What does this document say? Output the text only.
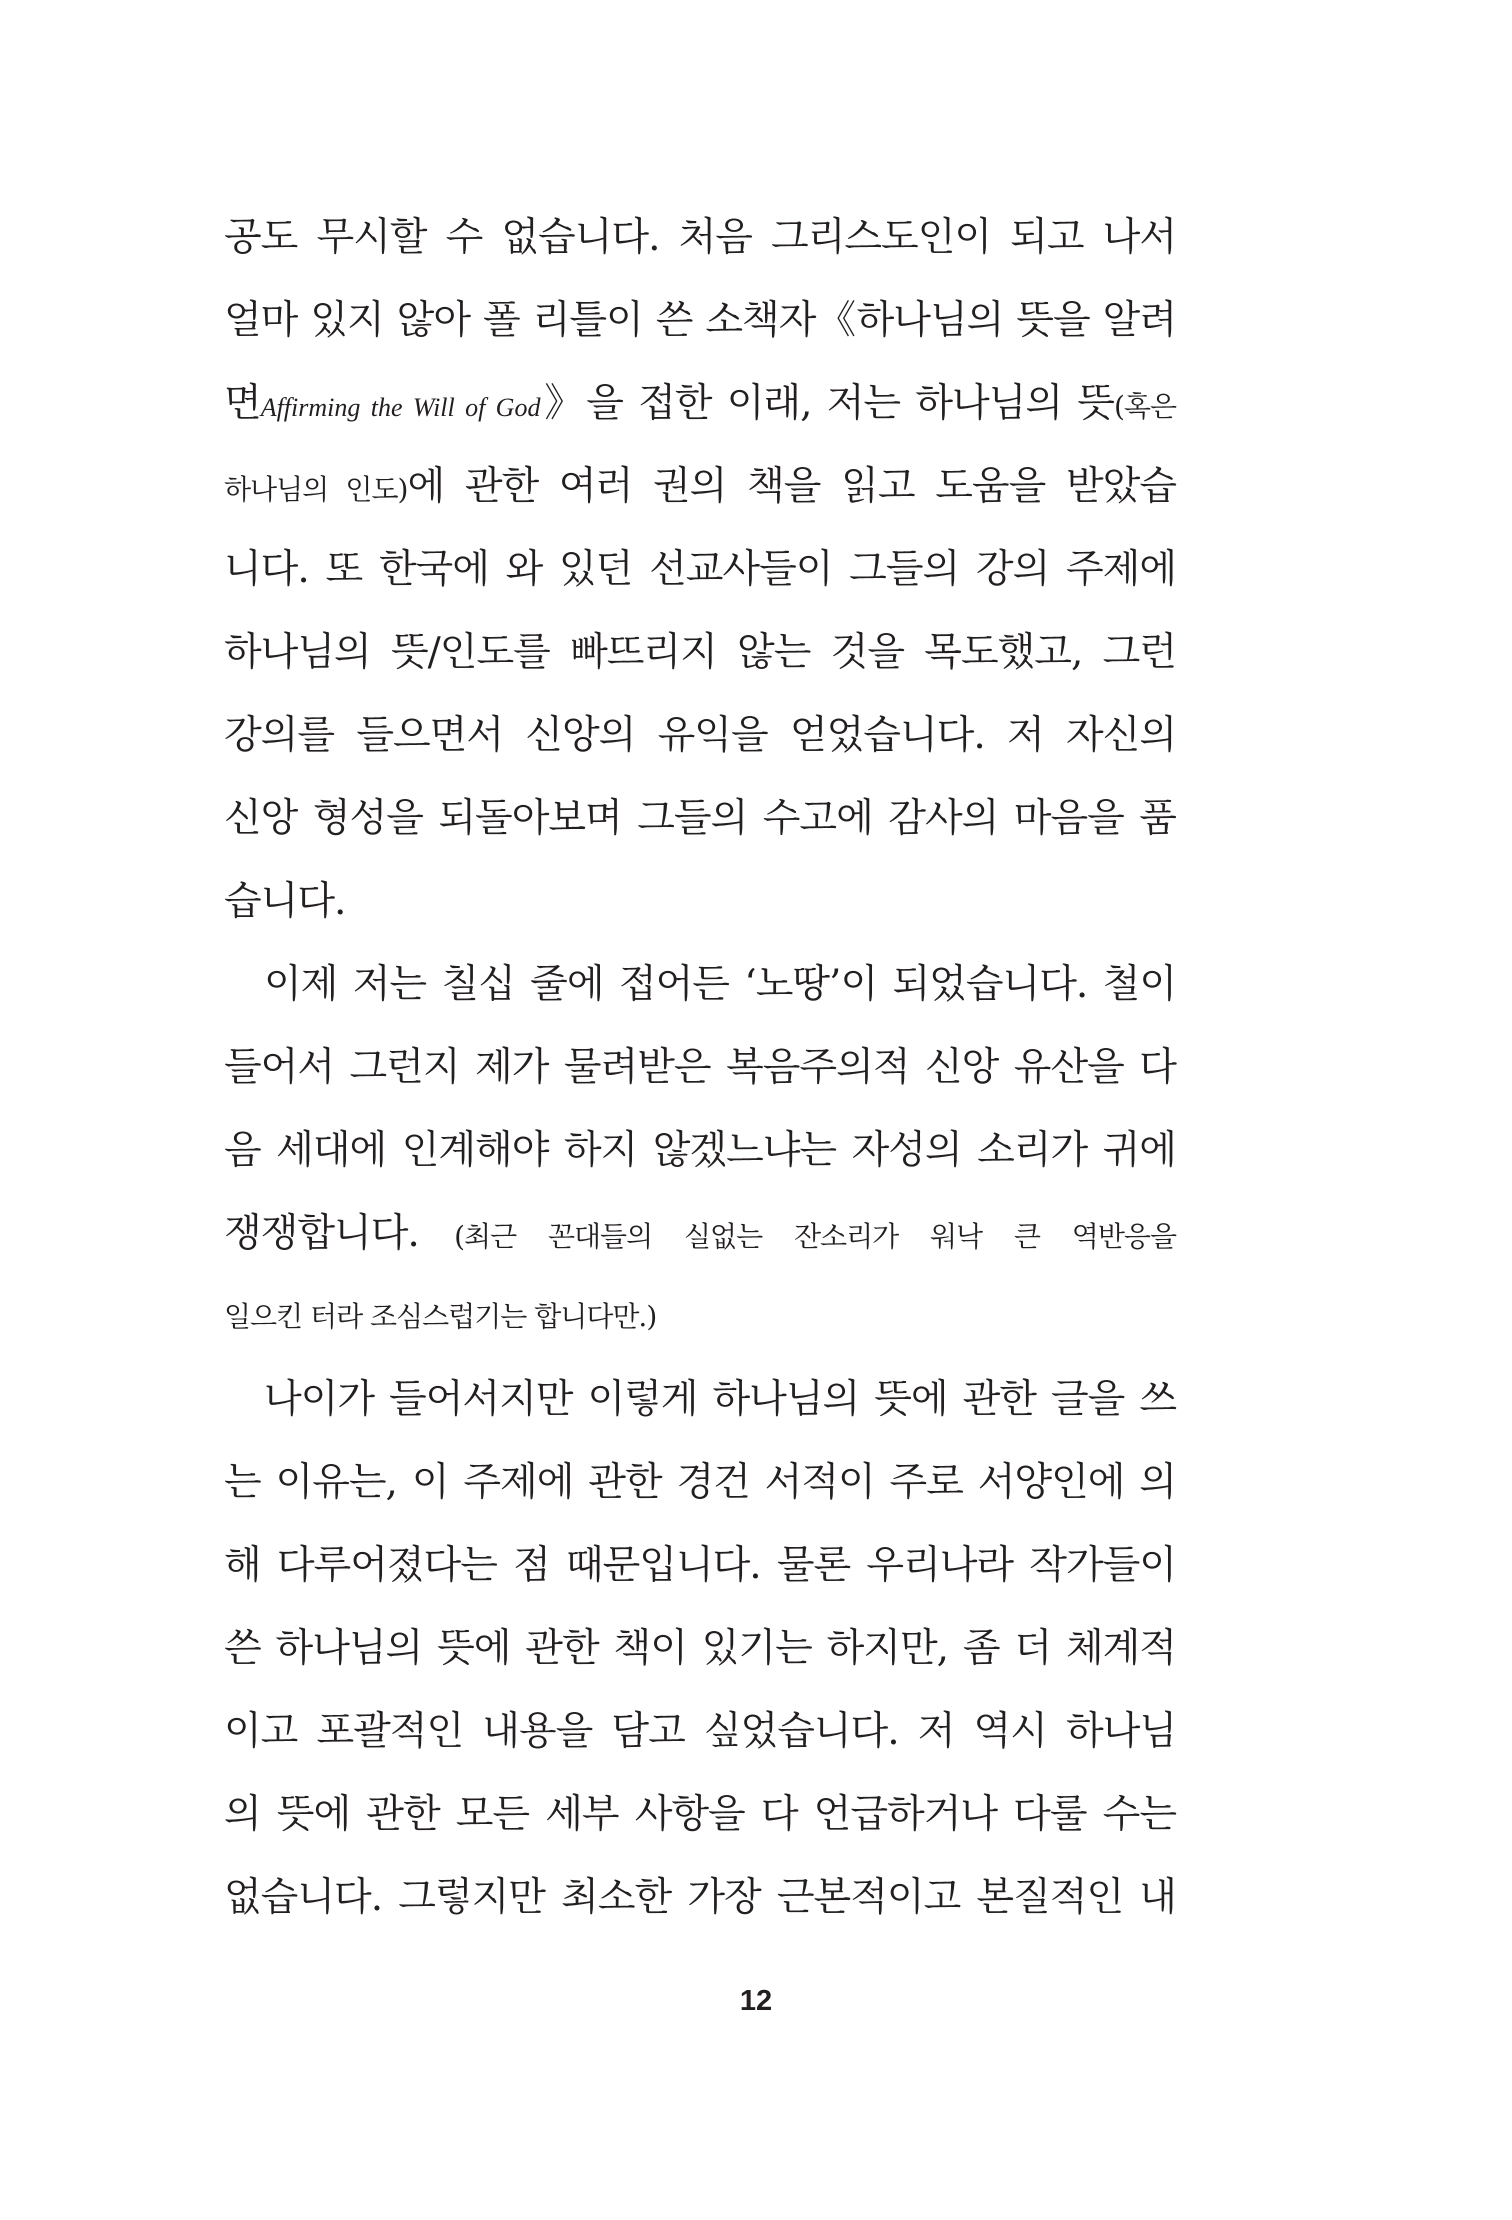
공도 무시할 수 없습니다. 처음 그리스도인이 되고 나서
얼마 있지 않아 폴 리틀이 쓴 소책자《하나님의 뜻을 알려
면Affirming the Will of God》을 접한 이래, 저는 하나님의 뜻(혹은
하나님의 인도)에 관한 여러 권의 책을 읽고 도움을 받았습
니다. 또 한국에 와 있던 선교사들이 그들의 강의 주제에
하나님의 뜻/인도를 빠뜨리지 않는 것을 목도했고, 그런
강의를 들으면서 신앙의 유익을 얻었습니다. 저 자신의
신앙 형성을 되돌아보며 그들의 수고에 감사의 마음을 품
습니다.
이제 저는 칠십 줄에 접어든 ‘노땅’이 되었습니다. 철이
들어서 그런지 제가 물려받은 복음주의적 신앙 유산을 다
음 세대에 인계해야 하지 않겠느냐는 자성의 소리가 귀에
쟁쟁합니다. (최근 꼰대들의 실없는 잔소리가 워낙 큰 역반응을
일으킨 터라 조심스럽기는 합니다만.)
나이가 들어서지만 이렇게 하나님의 뜻에 관한 글을 쓰
는 이유는, 이 주제에 관한 경건 서적이 주로 서양인에 의
해 다루어졌다는 점 때문입니다. 물론 우리나라 작가들이
쓴 하나님의 뜻에 관한 책이 있기는 하지만, 좀 더 체계적
이고 포괄적인 내용을 담고 싶었습니다. 저 역시 하나님
의 뜻에 관한 모든 세부 사항을 다 언급하거나 다룰 수는
없습니다. 그렇지만 최소한 가장 근본적이고 본질적인 내
12
